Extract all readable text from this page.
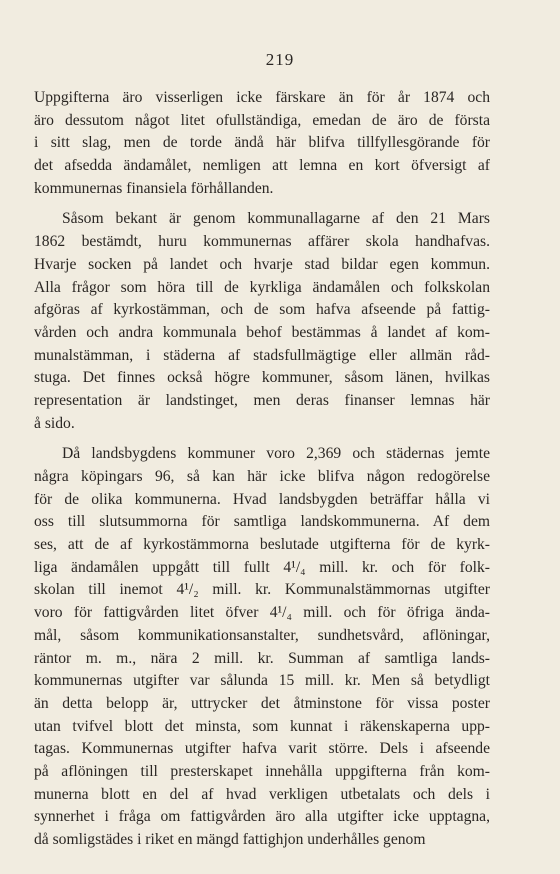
219
Uppgifterna äro visserligen icke färskare än för år 1874 och
äro dessutom något litet ofullständiga, emedan de äro de första
i sitt slag, men de torde ändå här blifva tillfyllesgörande för
det afsedda ändamålet, nemligen att lemna en kort öfversigt af
kommunernas finansiela förhållanden.
Såsom bekant är genom kommunallagarne af den 21 Mars
1862 bestämdt, huru kommunernas affärer skola handhafvas.
Hvarje socken på landet och hvarje stad bildar egen kommun.
Alla frågor som höra till de kyrkliga ändamålen och folkskolan
afgöras af kyrkostämman, och de som hafva afseende på fattig-
vården och andra kommunala behof bestämmas å landet af kom-
munalstämman, i städerna af stadsfullmägtige eller allmän råd-
stuga. Det finnes också högre kommuner, såsom länen, hvilkas
representation är landstinget, men deras finanser lemnas här
å sido.
Då landsbygdens kommuner voro 2,369 och städernas jemte
några köpingars 96, så kan här icke blifva någon redogörelse
för de olika kommunerna. Hvad landsbygden beträffar hålla vi
oss till slutsummorna för samtliga landskommunerna. Af dem
ses, att de af kyrkostämmorna beslutade utgifterna för de kyrk-
liga ändamålen uppgått till fullt 4¹/₄ mill. kr. och för folk-
skolan till inemot 4¹/₂ mill. kr. Kommunalstämmornas utgifter
voro för fattigvården litet öfver 4¹/₄ mill. och för öfriga ända-
mål, såsom kommunikationsanstalter, sundhetsvård, aflöningar,
räntor m. m., nära 2 mill. kr. Summan af samtliga lands-
kommunernas utgifter var sålunda 15 mill. kr. Men så betydligt
än detta belopp är, uttrycker det åtminstone för vissa poster
utan tvifvel blott det minsta, som kunnat i räkenskaperna upp-
tagas. Kommunernas utgifter hafva varit större. Dels i afseende
på aflöningen till presterskapet innehålla uppgifterna från kom-
munerna blott en del af hvad verkligen utbetalats och dels i
synnerhet i fråga om fattigvården äro alla utgifter icke upptagna,
då somligstädes i riket en mängd fattighjon underhålles genom
